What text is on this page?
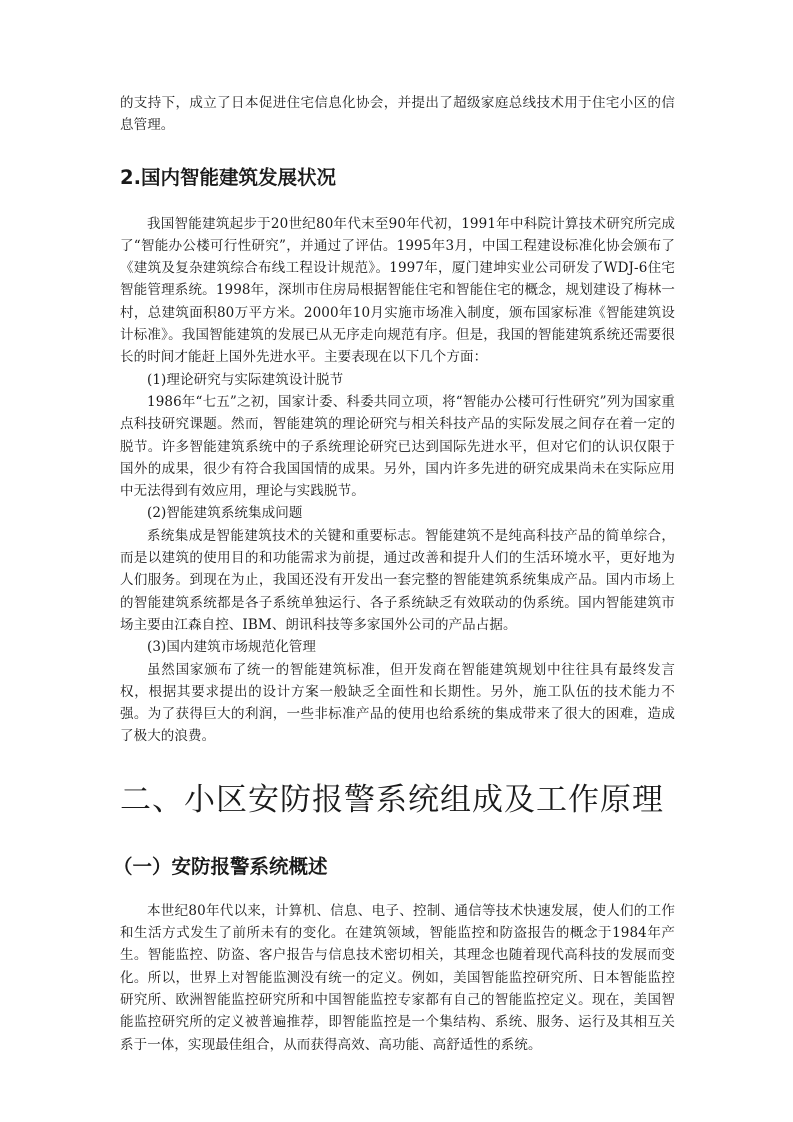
的支持下，成立了日本促进住宅信息化协会，并提出了超级家庭总线技术用于住宅小区的信息管理。

2.国内智能建筑发展状况

我国智能建筑起步于20世纪80年代末至90年代初，1991年中科院计算技术研究所完成了“智能办公楼可行性研究”，并通过了评估。1995年3月，中国工程建设标准化协会颁布了《建筑及复杂建筑综合布线工程设计规范》。1997年，厦门建坤实业公司研发了WDJ-6住宅智能管理系统。1998年，深圳市住房局根据智能住宅和智能住宅的概念，规划建设了梅林一村，总建筑面积80万平方米。2000年10月实施市场准入制度，颁布国家标准《智能建筑设计标准》。我国智能建筑的发展已从无序走向规范有序。但是，我国的智能建筑系统还需要很长的时间才能赶上国外先进水平。主要表现在以下几个方面：

(1)理论研究与实际建筑设计脱节

1986年“七五”之初，国家计委、科委共同立项，将“智能办公楼可行性研究”列为国家重点科技研究课题。然而，智能建筑的理论研究与相关科技产品的实际发展之间存在着一定的脱节。许多智能建筑系统中的子系统理论研究已达到国际先进水平，但对它们的认识仅限于国外的成果，很少有符合我国国情的成果。另外，国内许多先进的研究成果尚未在实际应用中无法得到有效应用，理论与实践脱节。

(2)智能建筑系统集成问题

系统集成是智能建筑技术的关键和重要标志。智能建筑不是纯高科技产品的简单综合，而是以建筑的使用目的和功能需求为前提，通过改善和提升人们的生活环境水平，更好地为人们服务。到现在为止，我国还没有开发出一套完整的智能建筑系统集成产品。国内市场上的智能建筑系统都是各子系统单独运行、各子系统缺乏有效联动的伪系统。国内智能建筑市场主要由江森自控、IBM、朗讯科技等多家国外公司的产品占据。

(3)国内建筑市场规范化管理

虽然国家颁布了统一的智能建筑标准，但开发商在智能建筑规划中往往具有最终发言权，根据其要求提出的设计方案一般缺乏全面性和长期性。另外，施工队伍的技术能力不强。为了获得巨大的利润，一些非标准产品的使用也给系统的集成带来了很大的困难，造成了极大的浪费。

二、小区安防报警系统组成及工作原理
（一）安防报警系统概述

本世纪80年代以来，计算机、信息、电子、控制、通信等技术快速发展，使人们的工作和生活方式发生了前所未有的变化。在建筑领域，智能监控和防盗报告的概念于1984年产生。智能监控、防盗、客户报告与信息技术密切相关，其理念也随着现代高科技的发展而变化。所以，世界上对智能监测没有统一的定义。例如，美国智能监控研究所、日本智能监控研究所、欧洲智能监控研究所和中国智能监控专家都有自己的智能监控定义。现在，美国智能监控研究所的定义被普遍推荐，即智能监控是一个集结构、系统、服务、运行及其相互关系于一体，实现最佳组合，从而获得高效、高功能、高舒适性的系统。
